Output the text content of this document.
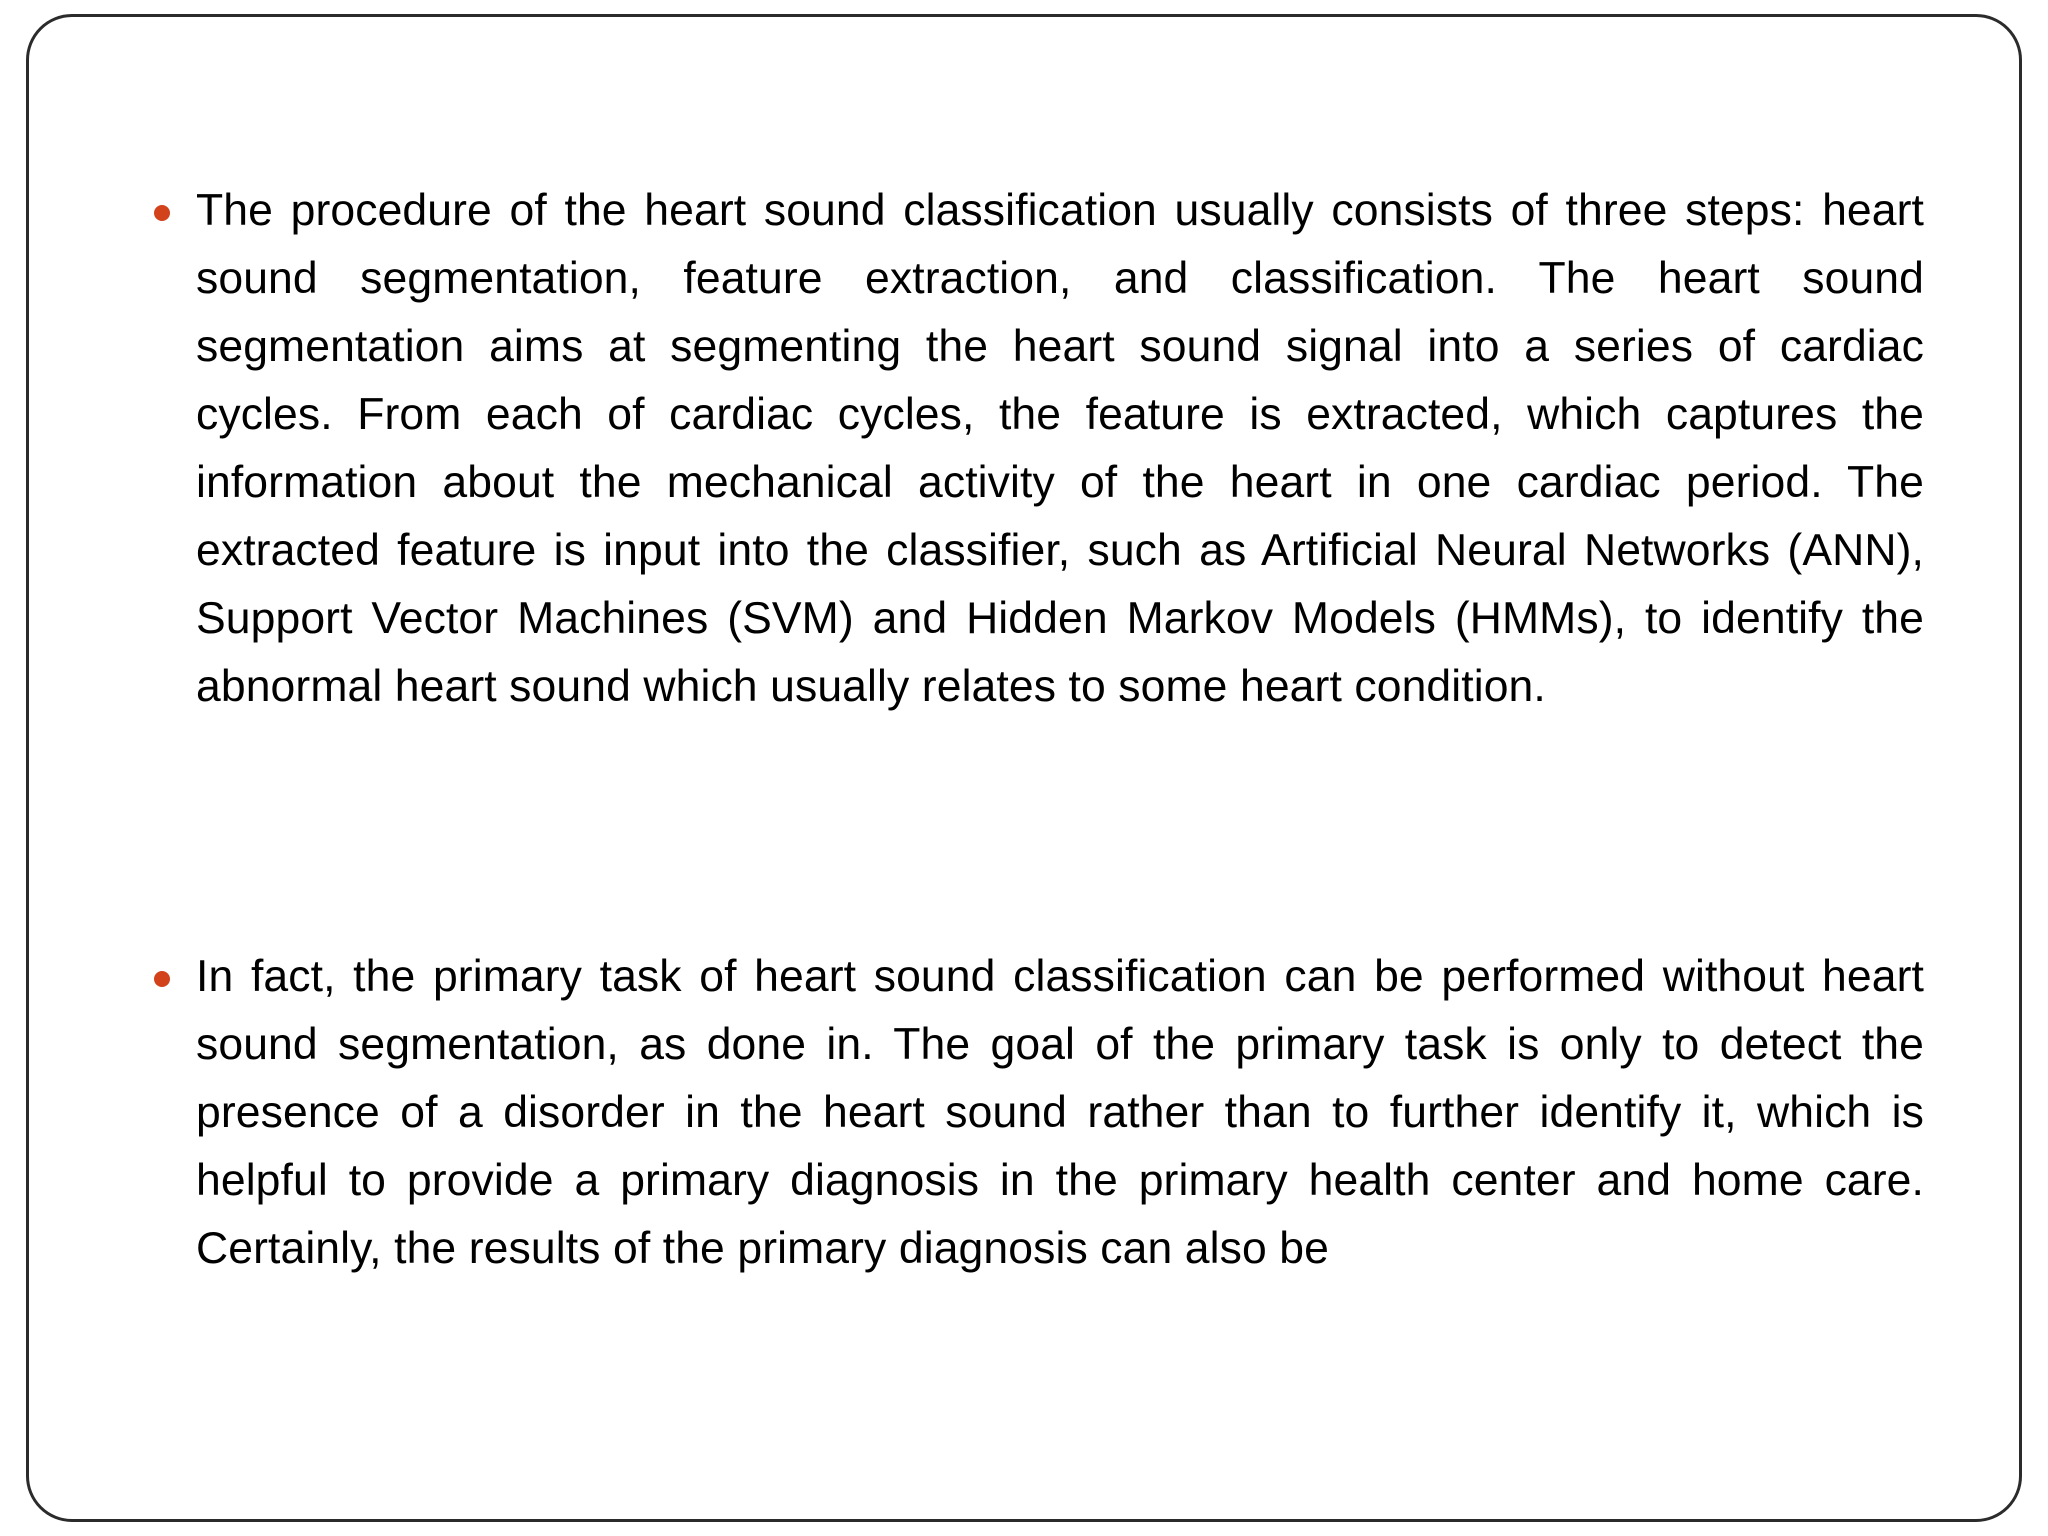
The procedure of the heart sound classification usually consists of three steps: heart sound segmentation, feature extraction, and classification. The heart sound segmentation aims at segmenting the heart sound signal into a series of cardiac cycles. From each of cardiac cycles, the feature is extracted, which captures the information about the mechanical activity of the heart in one cardiac period. The extracted feature is input into the classifier, such as Artificial Neural Networks (ANN), Support Vector Machines (SVM) and Hidden Markov Models (HMMs), to identify the abnormal heart sound which usually relates to some heart condition.
In fact, the primary task of heart sound classification can be performed without heart sound segmentation, as done in. The goal of the primary task is only to detect the presence of a disorder in the heart sound rather than to further identify it, which is helpful to provide a primary diagnosis in the primary health center and home care. Certainly, the results of the primary diagnosis can also be
